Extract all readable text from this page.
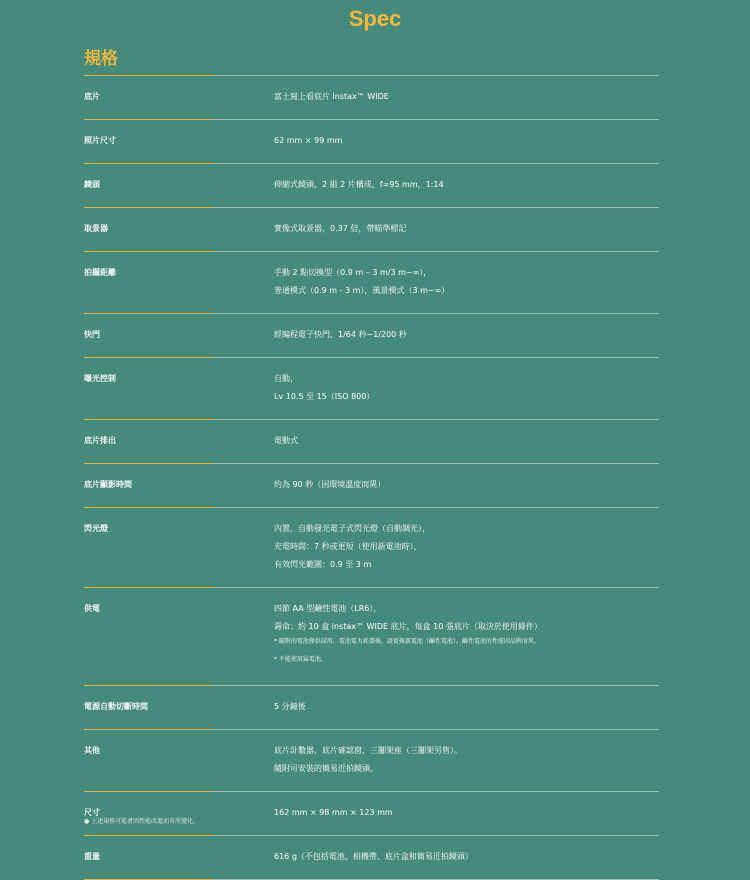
Spec
規格
底片	富士寫上看底片 instax™ WIDE
照片尺寸	62 mm × 99 mm
鏡頭	伸縮式鏡頭，2 組 2 片構成，f=95 mm，1:14
取景器	實像式取景器，0.37 倍，帶瞄準標記
拍攝距離	手動 2 點切換型（0.9 m – 3 m/3 m~∞），
普通模式（0.9 m - 3 m），風景模式（3 m~∞）
快門	經編程電子快門，1/64 秒~1/200 秒
曝光控制	自動，
Lv 10.5 至 15（ISO 800）
底片排出	電動式
底片顯影時間	約為 90 秒（因環境溫度而異）
閃光燈	內置，自動發光電子式閃光燈（自動調光），
充電時間：7 秒或更短（使用新電池時），
有效閃光範圍：0.9 至 3 m
供電	四節 AA 型鹼性電池（LR6），
壽命：約 10 盒 instax™ WIDE 底片，每盒 10 張底片（取決於使用條件）
* 隨附的電池僅供試用。電池電力耗盡後，請更換新電池（鹼性電池）。鹼性電池的性能因品牌而異。
* 不能使用錳電池。
電源自動切斷時間	5 分鐘後
其他	底片計數器，底片確認窗，三腳架座（三腳架另售）。
隨附可安裝的簡易近拍鏡頭。
尺寸	162 mm × 98 mm × 123 mm
重量	616 g（不包括電池、相機帶、底片盒和簡易近拍鏡頭）
● 上述規格可能會因性能改進而有所變化。
